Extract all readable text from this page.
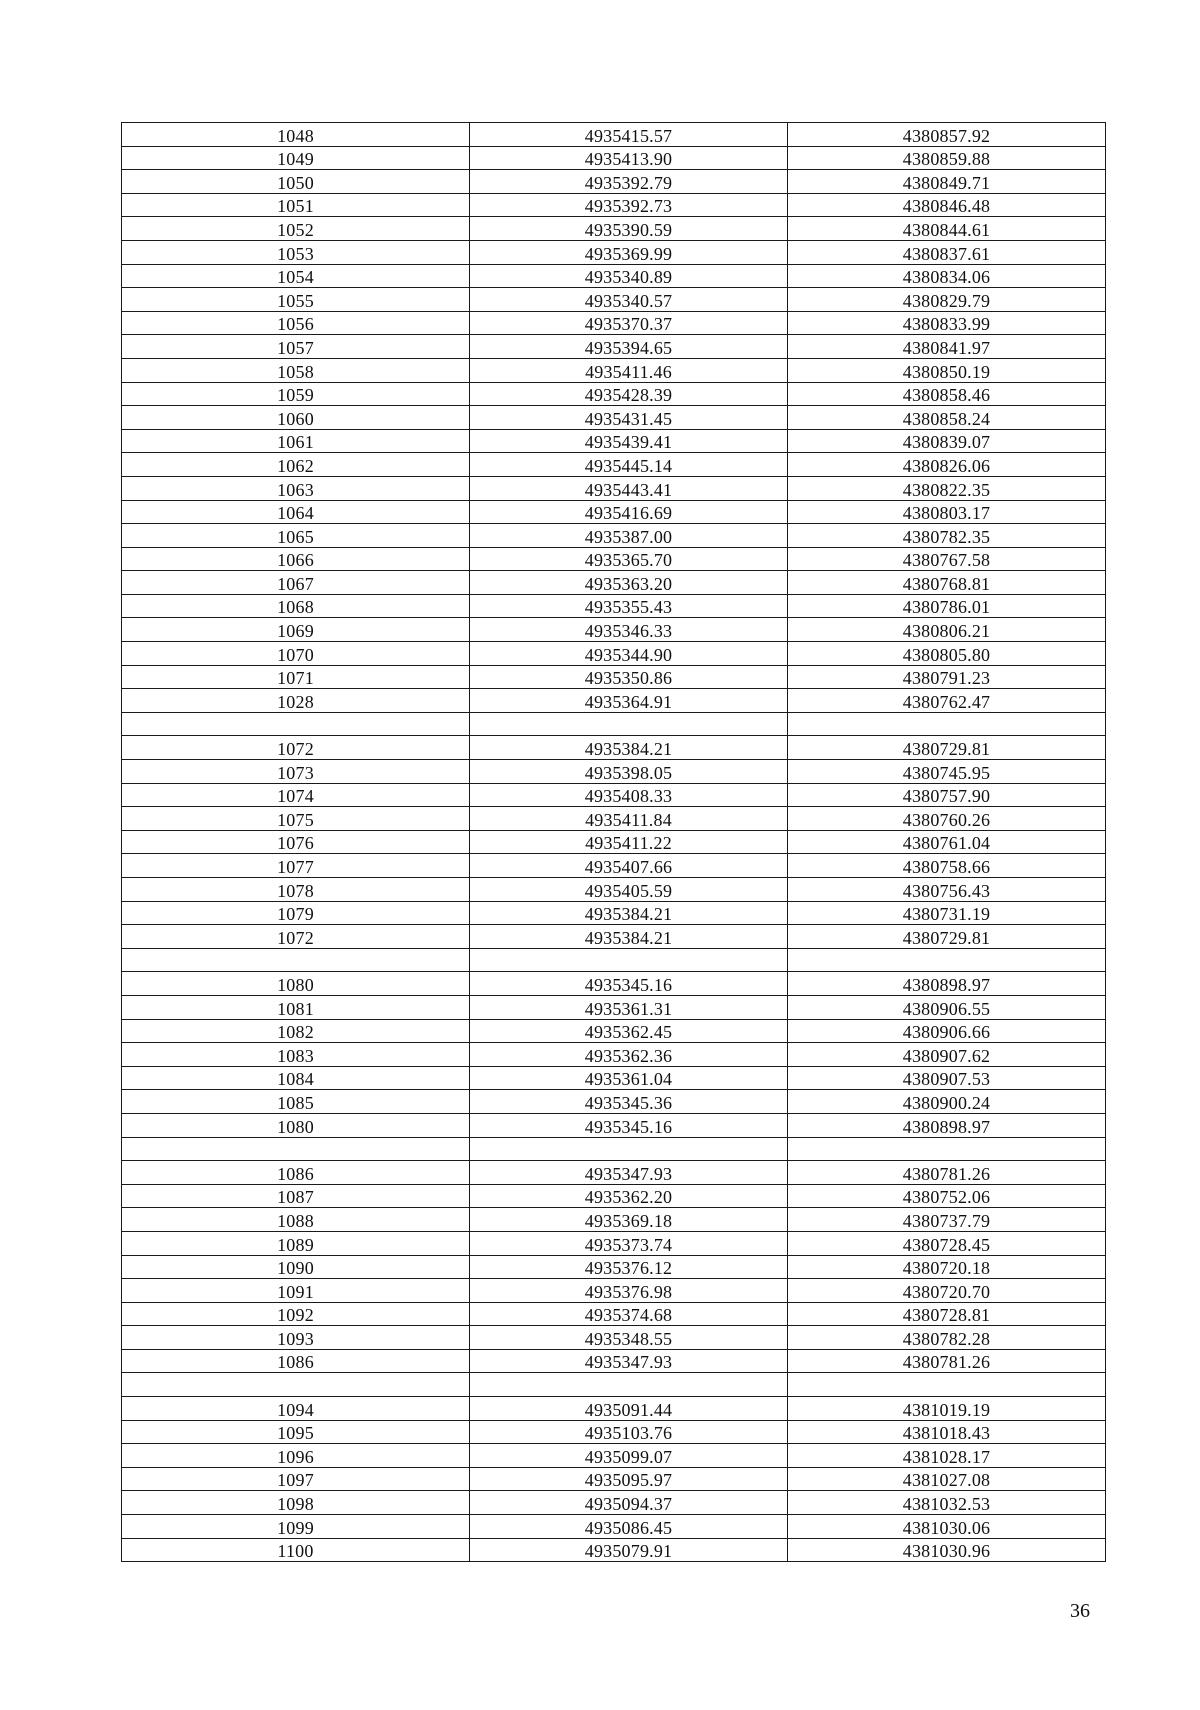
1048	4935415.57	4380857.92
1049	4935413.90	4380859.88
1050	4935392.79	4380849.71
1051	4935392.73	4380846.48
1052	4935390.59	4380844.61
1053	4935369.99	4380837.61
1054	4935340.89	4380834.06
1055	4935340.57	4380829.79
1056	4935370.37	4380833.99
1057	4935394.65	4380841.97
1058	4935411.46	4380850.19
1059	4935428.39	4380858.46
1060	4935431.45	4380858.24
1061	4935439.41	4380839.07
1062	4935445.14	4380826.06
1063	4935443.41	4380822.35
1064	4935416.69	4380803.17
1065	4935387.00	4380782.35
1066	4935365.70	4380767.58
1067	4935363.20	4380768.81
1068	4935355.43	4380786.01
1069	4935346.33	4380806.21
1070	4935344.90	4380805.80
1071	4935350.86	4380791.23
1028	4935364.91	4380762.47

1072	4935384.21	4380729.81
1073	4935398.05	4380745.95
1074	4935408.33	4380757.90
1075	4935411.84	4380760.26
1076	4935411.22	4380761.04
1077	4935407.66	4380758.66
1078	4935405.59	4380756.43
1079	4935384.21	4380731.19
1072	4935384.21	4380729.81

1080	4935345.16	4380898.97
1081	4935361.31	4380906.55
1082	4935362.45	4380906.66
1083	4935362.36	4380907.62
1084	4935361.04	4380907.53
1085	4935345.36	4380900.24
1080	4935345.16	4380898.97

1086	4935347.93	4380781.26
1087	4935362.20	4380752.06
1088	4935369.18	4380737.79
1089	4935373.74	4380728.45
1090	4935376.12	4380720.18
1091	4935376.98	4380720.70
1092	4935374.68	4380728.81
1093	4935348.55	4380782.28
1086	4935347.93	4380781.26

1094	4935091.44	4381019.19
1095	4935103.76	4381018.43
1096	4935099.07	4381028.17
1097	4935095.97	4381027.08
1098	4935094.37	4381032.53
1099	4935086.45	4381030.06
1100	4935079.91	4381030.96
36
